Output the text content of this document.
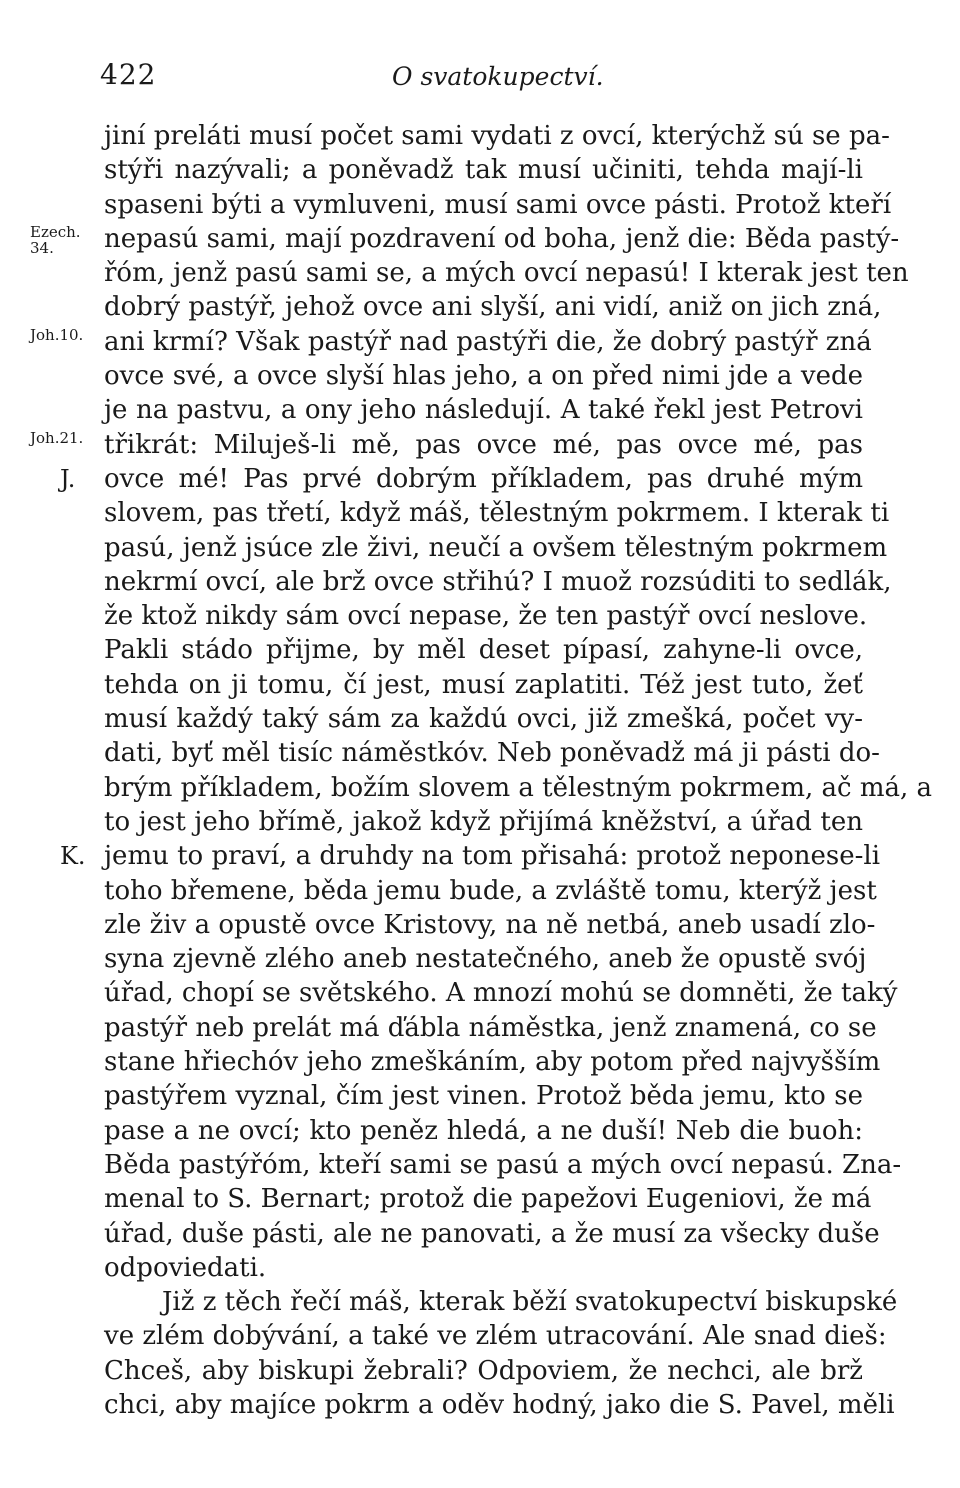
422	O svatokupectví.
jiní preláti musí počet sami vydati z ovcí, kterýchž sú se pa-
stýři nazývali; a poněvadž tak musí učiniti, tehda mají-li
spaseni býti a vymluveni, musí sami ovce pásti. Protož kteří
Ezech. 34.	nepasú sami, mají pozdravení od boha, jenž die: Běda pastý-
řóm, jenž pasú sami se, a mých ovcí nepasú! I kterak jest ten
dobrý pastýř, jehož ovce ani slyší, ani vidí, aniž on jich zná,
Joh.10. ani krmí? Však pastýř nad pastýři die, že dobrý pastýř zná
ovce své, a ovce slyší hlas jeho, a on před nimi jde a vede
je na pastvu, a ony jeho následují. A také řekl jest Petrovi
Joh.21. třikrát: Miluješ-li mě, pas ovce mé, pas ovce mé, pas
J.	ovce mé! Pas prvé dobrým příkladem, pas druhé mým
slovem, pas třetí, když máš, tělestným pokrmem. I kterak ti
pasú, jenž jsúce zle živi, neučí a ovšem tělestným pokrmem
nekrmí ovcí, ale brž ovce střihú? I muož rozsúditi to sedlák,
že ktož nikdy sám ovcí nepase, že ten pastýř ovcí neslove.
Pakli stádo přijme, by měl deset pípasí, zahyne-li ovce,
tehda on ji tomu, čí jest, musí zaplatiti. Též jest tuto, žeť
musí každý taký sám za každú ovci, již zmešká, počet vy-
dati, byť měl tisíc náměstkóv. Neb poněvadž má ji pásti do-
brým příkladem, božím slovem a tělestným pokrmem, ač má, a
to jest jeho břímě, jakož když přijímá kněžství, a úřad ten
K. jemu to praví, a druhdy na tom přisahá: protož neponese-li
toho břemene, běda jemu bude, a zvláště tomu, kterýž jest
zle živ a opustě ovce Kristovy, na ně netbá, aneb usadí zlo-
syna zjevně zlého aneb nestatečného, aneb že opustě svój
úřad, chopí se světského. A mnozí mohú se domněti, že taký
pastýř neb prelát má ďábla náměstka, jenž znamená, co se
stane hřiechóv jeho zmeškáním, aby potom před najvyšším
pastýřem vyznal, čím jest vinen. Protož běda jemu, kto se
pase a ne ovcí; kto peněz hledá, a ne duší! Neb die buoh:
Běda pastýřóm, kteří sami se pasú a mých ovcí nepasú. Zna-
menal to S. Bernart; protož die papežovi Eugeniovi, že má
úřad, duše pásti, ale ne panovati, a že musí za všecky duše
odpoviedati.
Již z těch řečí máš, kterak běží svatokupectví biskupské
ve zlém dobývání, a také ve zlém utracování. Ale snad dieš:
Chceš, aby biskupi žebrali? Odpoviem, že nechci, ale brž
chci, aby majíce pokrm a oděv hodný, jako die S. Pavel, měli
